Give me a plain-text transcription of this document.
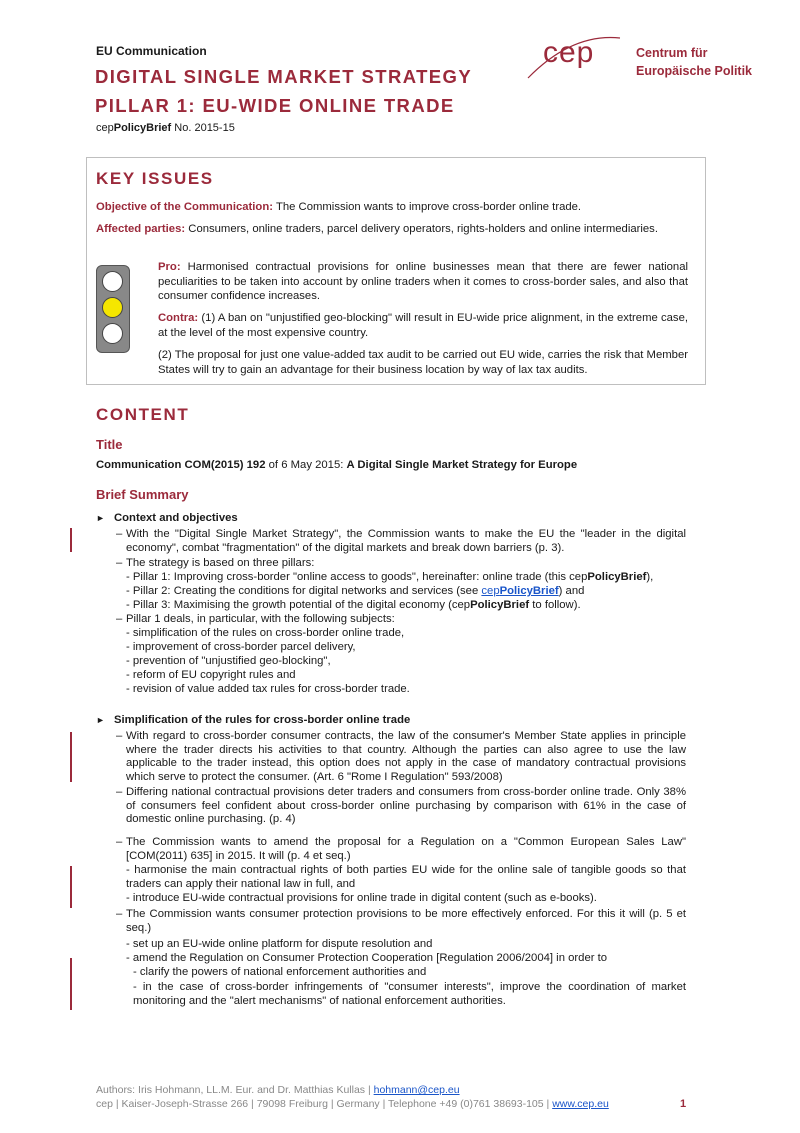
EU Communication
DIGITAL SINGLE MARKET STRATEGY
PILLAR 1: EU-WIDE ONLINE TRADE
cepPolicyBrief No. 2015-15
cep	Centrum für
Europäische Politik
KEY ISSUES
Objective of the Communication: The Commission wants to improve cross-border online trade.
Affected parties: Consumers, online traders, parcel delivery operators, rights-holders and online intermediaries.
Pro: Harmonised contractual provisions for online businesses mean that there are fewer national peculiarities to be taken into account by online traders when it comes to cross-border sales, and also that consumer confidence increases.
Contra: (1) A ban on "unjustified geo-blocking" will result in EU-wide price alignment, in the extreme case, at the level of the most expensive country.
(2) The proposal for just one value-added tax audit to be carried out EU wide, carries the risk that Member States will try to gain an advantage for their business location by way of lax tax audits.
CONTENT
Title
Communication COM(2015) 192 of 6 May 2015: A Digital Single Market Strategy for Europe
Brief Summary
► Context and objectives
– With the "Digital Single Market Strategy", the Commission wants to make the EU the "leader in the digital economy", combat "fragmentation" of the digital markets and break down barriers (p. 3).
– The strategy is based on three pillars:
- Pillar 1: Improving cross-border "online access to goods", hereinafter: online trade (this cepPolicyBrief),
- Pillar 2: Creating the conditions for digital networks and services (see cepPolicyBrief) and
- Pillar 3: Maximising the growth potential of the digital economy (cepPolicyBrief to follow).
– Pillar 1 deals, in particular, with the following subjects:
- simplification of the rules on cross-border online trade,
- improvement of cross-border parcel delivery,
- prevention of "unjustified geo-blocking",
- reform of EU copyright rules and
- revision of value added tax rules for cross-border trade.
► Simplification of the rules for cross-border online trade
– With regard to cross-border consumer contracts, the law of the consumer's Member State applies in principle where the trader directs his activities to that country. Although the parties can also agree to use the law applicable to the trader instead, this option does not apply in the case of mandatory contractual provisions which serve to protect the consumer. (Art. 6 "Rome I Regulation" 593/2008)
– Differing national contractual provisions deter traders and consumers from cross-border online trade. Only 38% of consumers feel confident about cross-border online purchasing by comparison with 61% in the case of domestic online purchasing. (p. 4)
– The Commission wants to amend the proposal for a Regulation on a "Common European Sales Law" [COM(2011) 635] in 2015. It will (p. 4 et seq.)
- harmonise the main contractual rights of both parties EU wide for the online sale of tangible goods so that traders can apply their national law in full, and
- introduce EU-wide contractual provisions for online trade in digital content (such as e-books).
– The Commission wants consumer protection provisions to be more effectively enforced. For this it will (p. 5 et seq.)
- set up an EU-wide online platform for dispute resolution and
- amend the Regulation on Consumer Protection Cooperation [Regulation 2006/2004] in order to
- clarify the powers of national enforcement authorities and
- in the case of cross-border infringements of "consumer interests", improve the coordination of market monitoring and the "alert mechanisms" of national enforcement authorities.
Authors: Iris Hohmann, LL.M. Eur. and Dr. Matthias Kullas | hohmann@cep.eu
cep | Kaiser-Joseph-Strasse 266 | 79098 Freiburg | Germany | Telephone +49 (0)761 38693-105 | www.cep.eu	1
